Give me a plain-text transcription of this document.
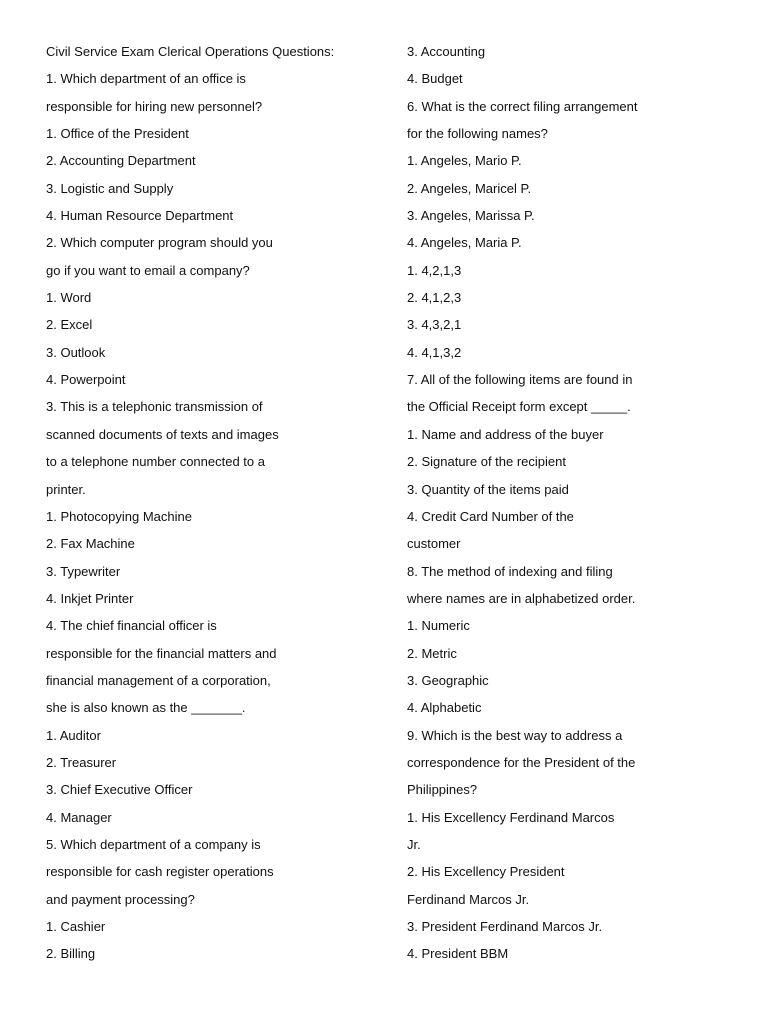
Civil Service Exam Clerical Operations Questions:
1. Which department of an office is
responsible for hiring new personnel?
1. Office of the President
2. Accounting Department
3. Logistic and Supply
4. Human Resource Department
2. Which computer program should you
go if you want to email a company?
1. Word
2. Excel
3. Outlook
4. Powerpoint
3. This is a telephonic transmission of
scanned documents of texts and images
to a telephone number connected to a
printer.
1. Photocopying Machine
2. Fax Machine
3. Typewriter
4. Inkjet Printer
4. The chief financial officer is
responsible for the financial matters and
financial management of a corporation,
she is also known as the _______.
1. Auditor
2. Treasurer
3. Chief Executive Officer
4. Manager
5. Which department of a company is
responsible for cash register operations
and payment processing?
1. Cashier
2. Billing
3. Accounting
4. Budget
6. What is the correct filing arrangement
for the following names?
1. Angeles, Mario P.
2. Angeles, Maricel P.
3. Angeles, Marissa P.
4. Angeles, Maria P.
1. 4,2,1,3
2. 4,1,2,3
3. 4,3,2,1
4. 4,1,3,2
7. All of the following items are found in
the Official Receipt form except _____.
1. Name and address of the buyer
2. Signature of the recipient
3. Quantity of the items paid
4. Credit Card Number of the
customer
8. The method of indexing and filing
where names are in alphabetized order.
1. Numeric
2. Metric
3. Geographic
4. Alphabetic
9. Which is the best way to address a
correspondence for the President of the
Philippines?
1. His Excellency Ferdinand Marcos
Jr.
2. His Excellency President
Ferdinand Marcos Jr.
3. President Ferdinand Marcos Jr.
4. President BBM
